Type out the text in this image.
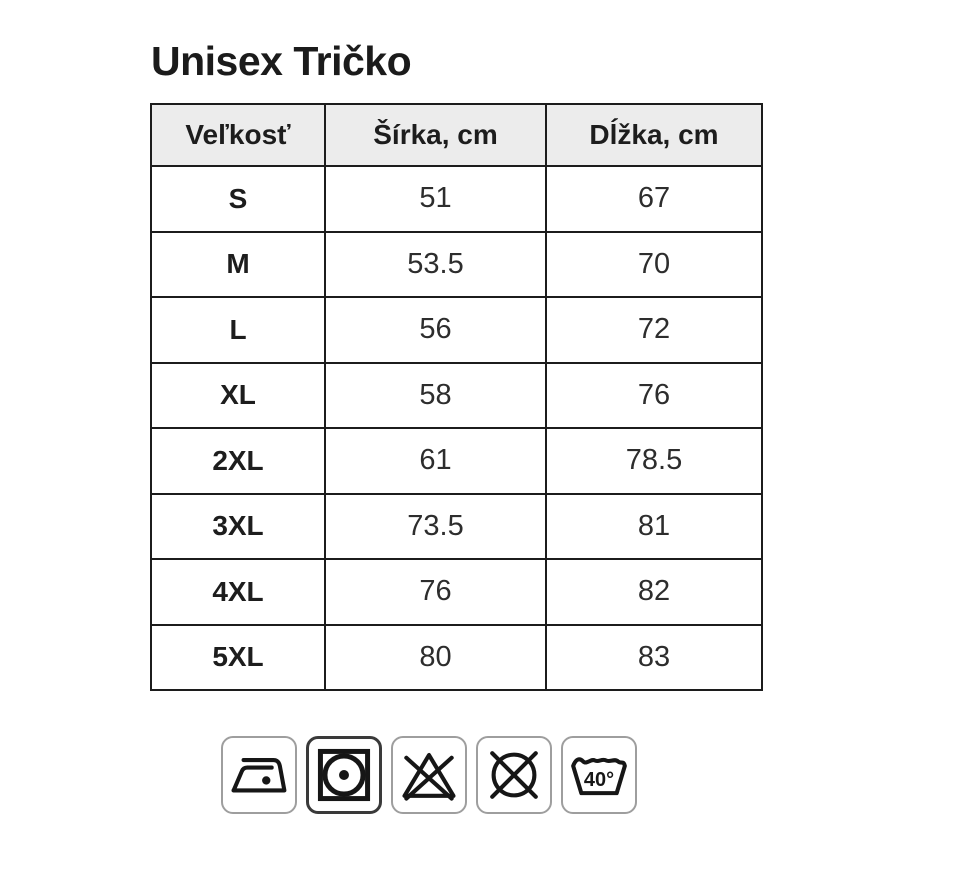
Unisex Tričko
Veľkosť	Šírka, cm	Dĺžka, cm
S	51	67
M	53.5	70
L	56	72
XL	58	76
2XL	61	78.5
3XL	73.5	81
4XL	76	82
5XL	80	83
40°
